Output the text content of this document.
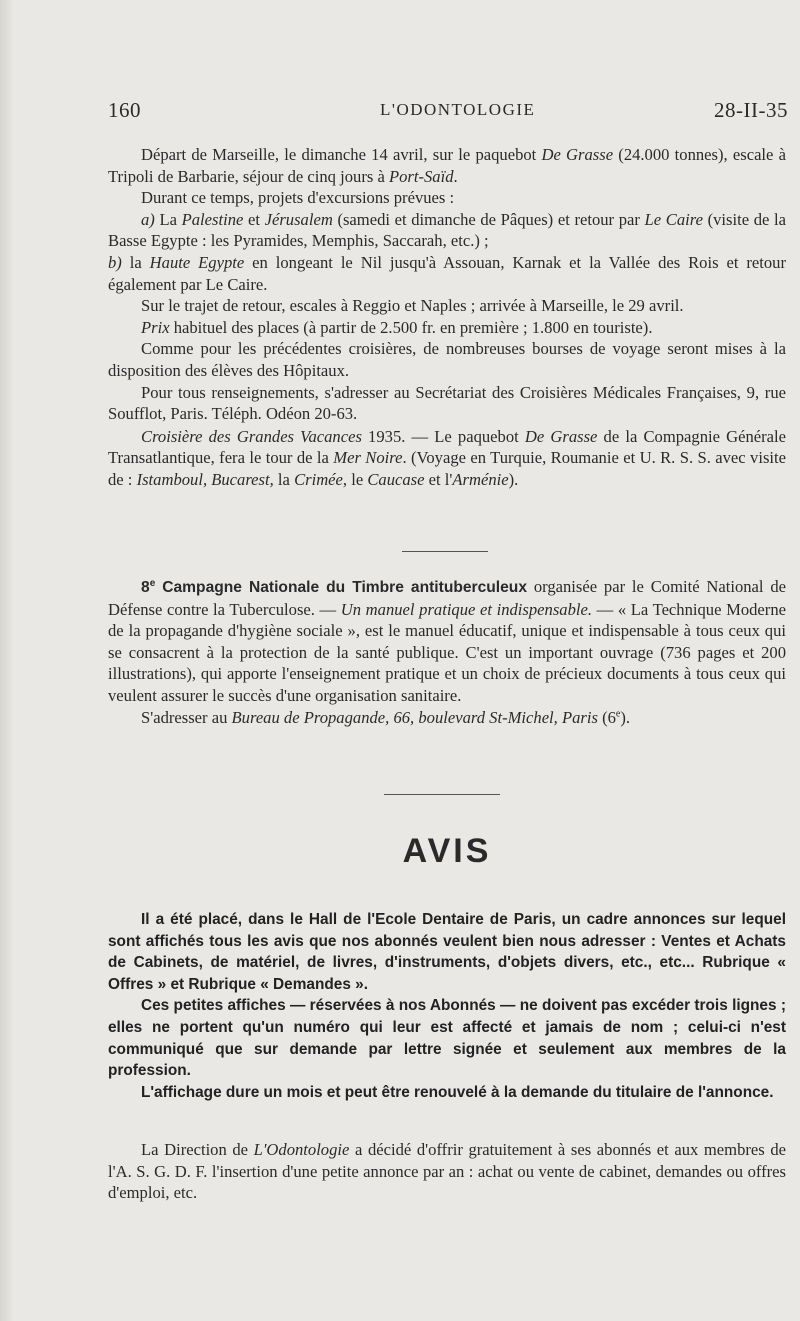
160	L'ODONTOLOGIE	28-II-35

Départ de Marseille, le dimanche 14 avril, sur le paquebot De Grasse (24.000 tonnes), escale à Tripoli de Barbarie, séjour de cinq jours à Port-Saïd.

Durant ce temps, projets d'excursions prévues :

a) La Palestine et Jérusalem (samedi et dimanche de Pâques) et retour par Le Caire (visite de la Basse Egypte : les Pyramides, Memphis, Saccarah, etc.) ;

b) la Haute Egypte en longeant le Nil jusqu'à Assouan, Karnak et la Vallée des Rois et retour également par Le Caire.

Sur le trajet de retour, escales à Reggio et Naples ; arrivée à Marseille, le 29 avril.

Prix habituel des places (à partir de 2.500 fr. en première ; 1.800 en touriste).

Comme pour les précédentes croisières, de nombreuses bourses de voyage seront mises à la disposition des élèves des Hôpitaux.

Pour tous renseignements, s'adresser au Secrétariat des Croisières Médicales Françaises, 9, rue Soufflot, Paris. Téléph. Odéon 20-63.

Croisière des Grandes Vacances 1935. — Le paquebot De Grasse de la Compagnie Générale Transatlantique, fera le tour de la Mer Noire. (Voyage en Turquie, Roumanie et U. R. S. S. avec visite de : Istamboul, Bucarest, la Crimée, le Caucase et l'Arménie).

8e Campagne Nationale du Timbre antituberculeux organisée par le Comité National de Défense contre la Tuberculose. — Un manuel pratique et indispensable. — « La Technique Moderne de la propagande d'hygiène sociale », est le manuel éducatif, unique et indispensable à tous ceux qui se consacrent à la protection de la santé publique. C'est un important ouvrage (736 pages et 200 illustrations), qui apporte l'enseignement pratique et un choix de précieux documents à tous ceux qui veulent assurer le succès d'une organisation sanitaire.

S'adresser au Bureau de Propagande, 66, boulevard St-Michel, Paris (6e).

AVIS

Il a été placé, dans le Hall de l'Ecole Dentaire de Paris, un cadre annonces sur lequel sont affichés tous les avis que nos abonnés veulent bien nous adresser : Ventes et Achats de Cabinets, de matériel, de livres, d'instruments, d'objets divers, etc., etc... Rubrique « Offres » et Rubrique « Demandes ».

Ces petites affiches — réservées à nos Abonnés — ne doivent pas excéder trois lignes ; elles ne portent qu'un numéro qui leur est affecté et jamais de nom ; celui-ci n'est communiqué que sur demande par lettre signée et seulement aux membres de la profession.

L'affichage dure un mois et peut être renouvelé à la demande du titulaire de l'annonce.

La Direction de L'Odontologie a décidé d'offrir gratuitement à ses abonnés et aux membres de l'A. S. G. D. F. l'insertion d'une petite annonce par an : achat ou vente de cabinet, demandes ou offres d'emploi, etc.
